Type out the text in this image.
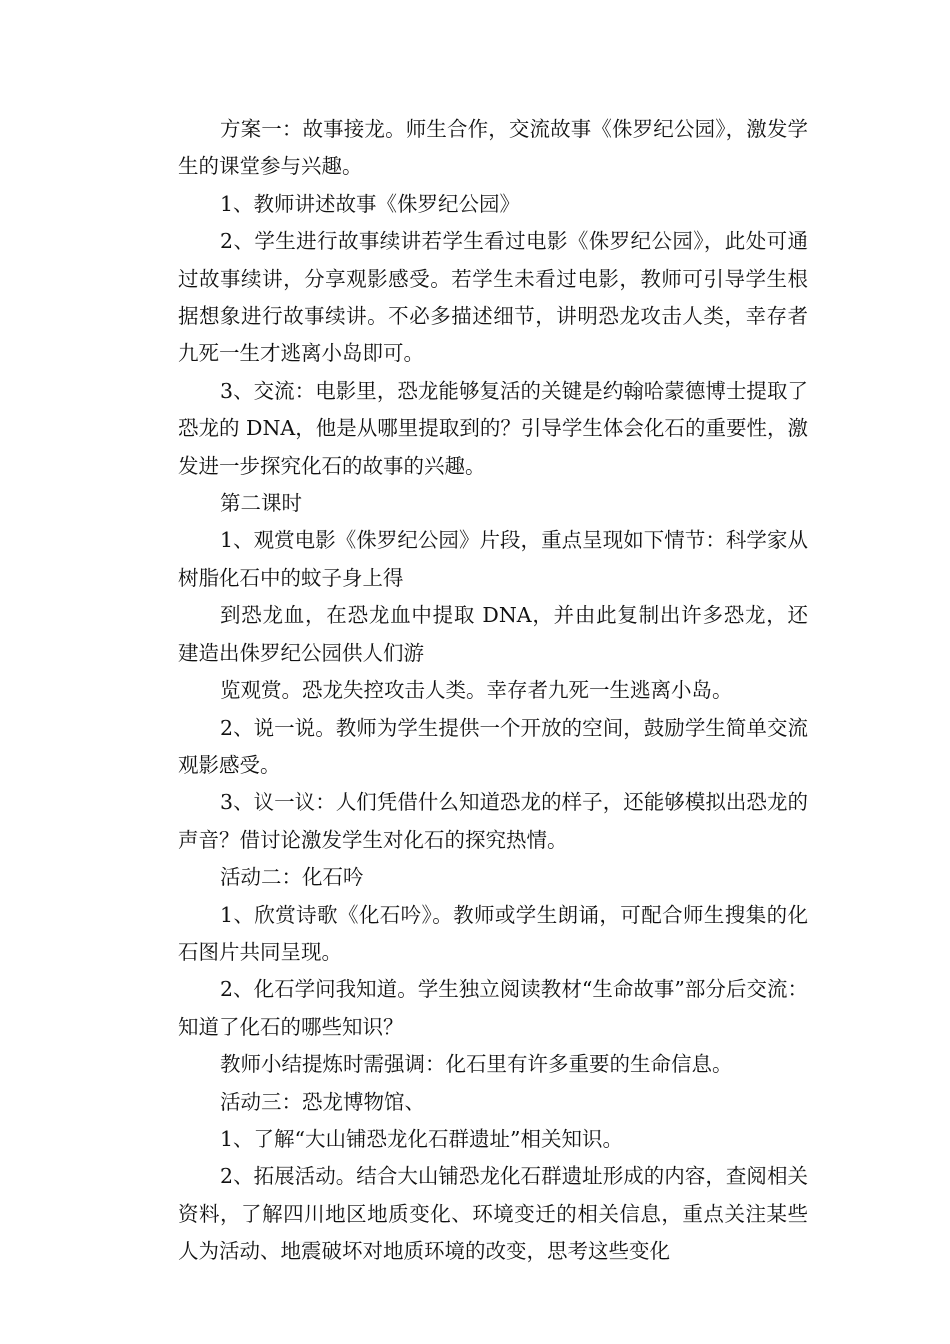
方案一：故事接龙。师生合作，交流故事《侏罗纪公园》，激发学生的课堂参与兴趣。

1、教师讲述故事《侏罗纪公园》

2、学生进行故事续讲若学生看过电影《侏罗纪公园》，此处可通过故事续讲，分享观影感受。若学生未看过电影，教师可引导学生根据想象进行故事续讲。不必多描述细节，讲明恐龙攻击人类，幸存者九死一生才逃离小岛即可。

3、交流：电影里，恐龙能够复活的关键是约翰哈蒙德博士提取了恐龙的 DNA，他是从哪里提取到的？引导学生体会化石的重要性，激发进一步探究化石的故事的兴趣。

第二课时

1、观赏电影《侏罗纪公园》片段，重点呈现如下情节：科学家从树脂化石中的蚊子身上得

到恐龙血，在恐龙血中提取 DNA，并由此复制出许多恐龙，还建造出侏罗纪公园供人们游

览观赏。恐龙失控攻击人类。幸存者九死一生逃离小岛。

2、说一说。教师为学生提供一个开放的空间，鼓励学生简单交流观影感受。

3、议一议：人们凭借什么知道恐龙的样子，还能够模拟出恐龙的声音？借讨论激发学生对化石的探究热情。

活动二：化石吟

1、欣赏诗歌《化石吟》。教师或学生朗诵，可配合师生搜集的化石图片共同呈现。

2、化石学问我知道。学生独立阅读教材“生命故事”部分后交流：知道了化石的哪些知识？

教师小结提炼时需强调：化石里有许多重要的生命信息。

活动三：恐龙博物馆、

1、了解“大山铺恐龙化石群遗址”相关知识。

2、拓展活动。结合大山铺恐龙化石群遗址形成的内容，查阅相关资料，了解四川地区地质变化、环境变迁的相关信息，重点关注某些人为活动、地震破坏对地质环境的改变，思考这些变化
